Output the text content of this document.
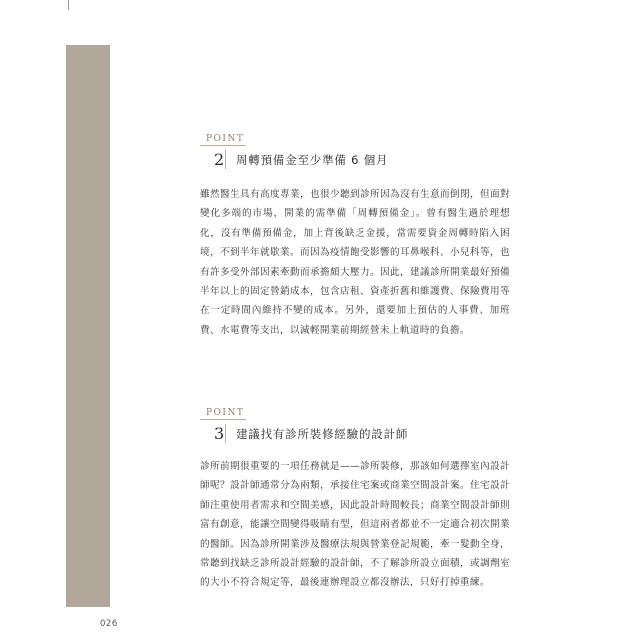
POINT
2 周轉預備金至少準備 6 個月
雖然醫生具有高度專業，也很少聽到診所因為沒有生意而倒閉，但面對變化多端的市場，開業的需準備「周轉預備金」。曾有醫生過於理想化，沒有準備預備金，加上背後缺乏金援，當需要資金周轉時陷入困境，不到半年就歇業。而因為疫情飽受影響的耳鼻喉科、小兒科等，也有許多受外部因素牽動而承擔頗大壓力。因此，建議診所開業最好預備半年以上的固定營銷成本，包含店租、資產折舊和維護費、保險費用等在一定時間內維持不變的成本。另外，還要加上預估的人事費、加班費、水電費等支出，以減輕開業前期經營未上軌道時的負擔。
POINT
3 建議找有診所裝修經驗的設計師
診所前期很重要的一項任務就是——診所裝修，那該如何選擇室內設計師呢？設計師通常分為兩類，承接住宅案或商業空間設計案。住宅設計師注重使用者需求和空間美感，因此設計時間較長；商業空間設計師則富有創意，能讓空間變得吸睛有型，但這兩者都並不一定適合初次開業的醫師。因為診所開業涉及醫療法規與營業登記規範，牽一髮動全身，常聽到找缺乏診所設計經驗的設計師，不了解診所設立面積，或調劑室的大小不符合規定等，最後連辦理設立都沒辦法，只好打掉重練。
026
